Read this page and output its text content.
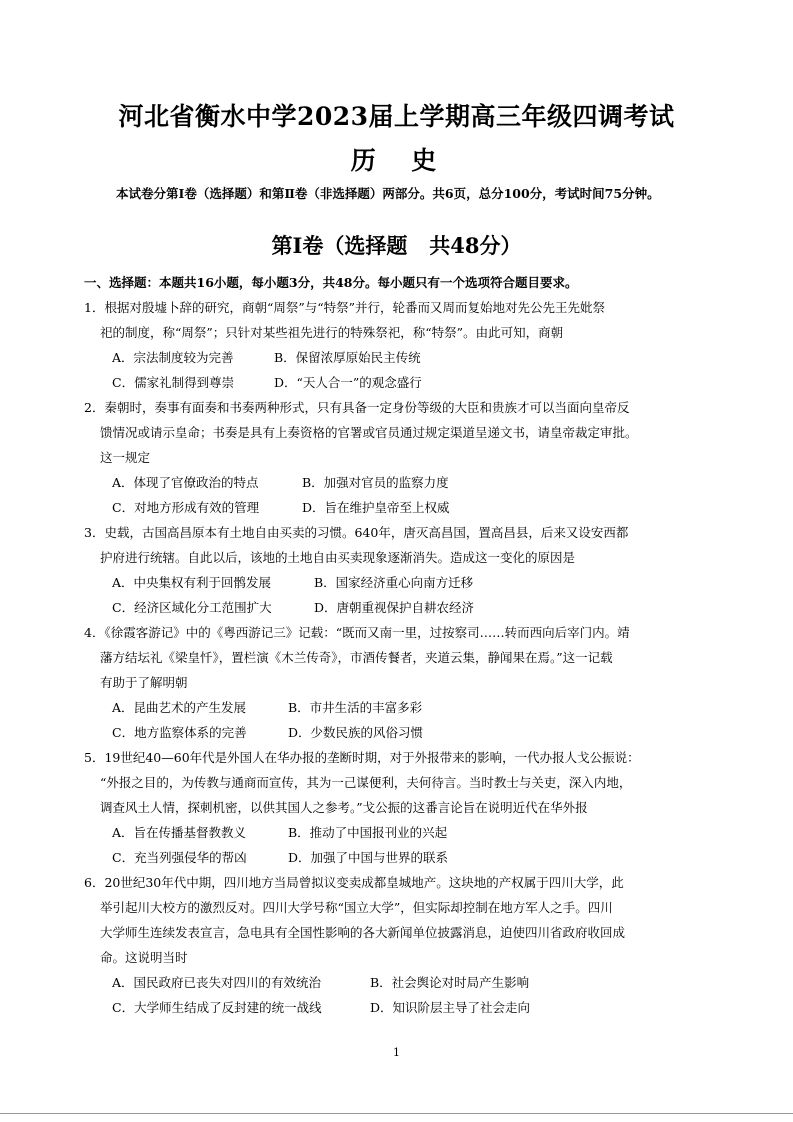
河北省衡水中学2023届上学期高三年级四调考试
历  史
本试卷分第Ⅰ卷（选择题）和第Ⅱ卷（非选择题）两部分。共6页，总分100分，考试时间75分钟。
第Ⅰ卷（选择题   共48分）
一、选择题：本题共16小题，每小题3分，共48分。每小题只有一个选项符合题目要求。
1．根据对殷墟卜辞的研究，商朝“周祭”与“特祭”并行，轮番而又周而复始地对先公先王先妣祭
祀的制度，称“周祭”；只针对某些祖先进行的特殊祭祀，称“特祭”。由此可知，商朝
A．宗法制度较为完善	B．保留浓厚原始民主传统
C．儒家礼制得到尊崇	D．“天人合一”的观念盛行
2．秦朝时，奏事有面奏和书奏两种形式，只有具备一定身份等级的大臣和贵族才可以当面向皇帝反
馈情况或请示皇命；书奏是具有上奏资格的官署或官员通过规定渠道呈递文书，请皇帝裁定审批。
这一规定
A．体现了官僚政治的特点	B．加强对官员的监察力度
C．对地方形成有效的管理	D．旨在维护皇帝至上权威
3．史载，古国高昌原本有土地自由买卖的习惯。640年，唐灭高昌国，置高昌县，后来又设安西都
护府进行统辖。自此以后，该地的土地自由买卖现象逐渐消失。造成这一变化的原因是
A．中央集权有利于回鹘发展	B．国家经济重心向南方迁移
C．经济区域化分工范围扩大	D．唐朝重视保护自耕农经济
4．《徐霞客游记》中的《粤西游记三》记载：“既而又南一里，过按察司……转而西向后宰门内。靖
藩方结坛礼《梁皇忏》，置栏演《木兰传奇》，市酒传餐者，夹道云集，静闻果在焉。”这一记载
有助于了解明朝
A．昆曲艺术的产生发展	B．市井生活的丰富多彩
C．地方监察体系的完善	D．少数民族的风俗习惯
5．19世纪40—60年代是外国人在华办报的垄断时期，对于外报带来的影响，一代办报人戈公振说：
“外报之目的，为传教与通商而宣传，其为一己谋便利，夫何待言。当时教士与关吏，深入内地，
调查风土人情，探刺机密，以供其国人之参考。”戈公振的这番言论旨在说明近代在华外报
A．旨在传播基督教教义	B．推动了中国报刊业的兴起
C．充当列强侵华的帮凶	D．加强了中国与世界的联系
6．20世纪30年代中期，四川地方当局曾拟议变卖成都皇城地产。这块地的产权属于四川大学，此
举引起川大校方的激烈反对。四川大学号称“国立大学”，但实际却控制在地方军人之手。四川
大学师生连续发表宣言，急电具有全国性影响的各大新闻单位披露消息，迫使四川省政府收回成
命。这说明当时
A．国民政府已丧失对四川的有效统治	B．社会舆论对时局产生影响
C．大学师生结成了反封建的统一战线	D．知识阶层主导了社会走向
1
